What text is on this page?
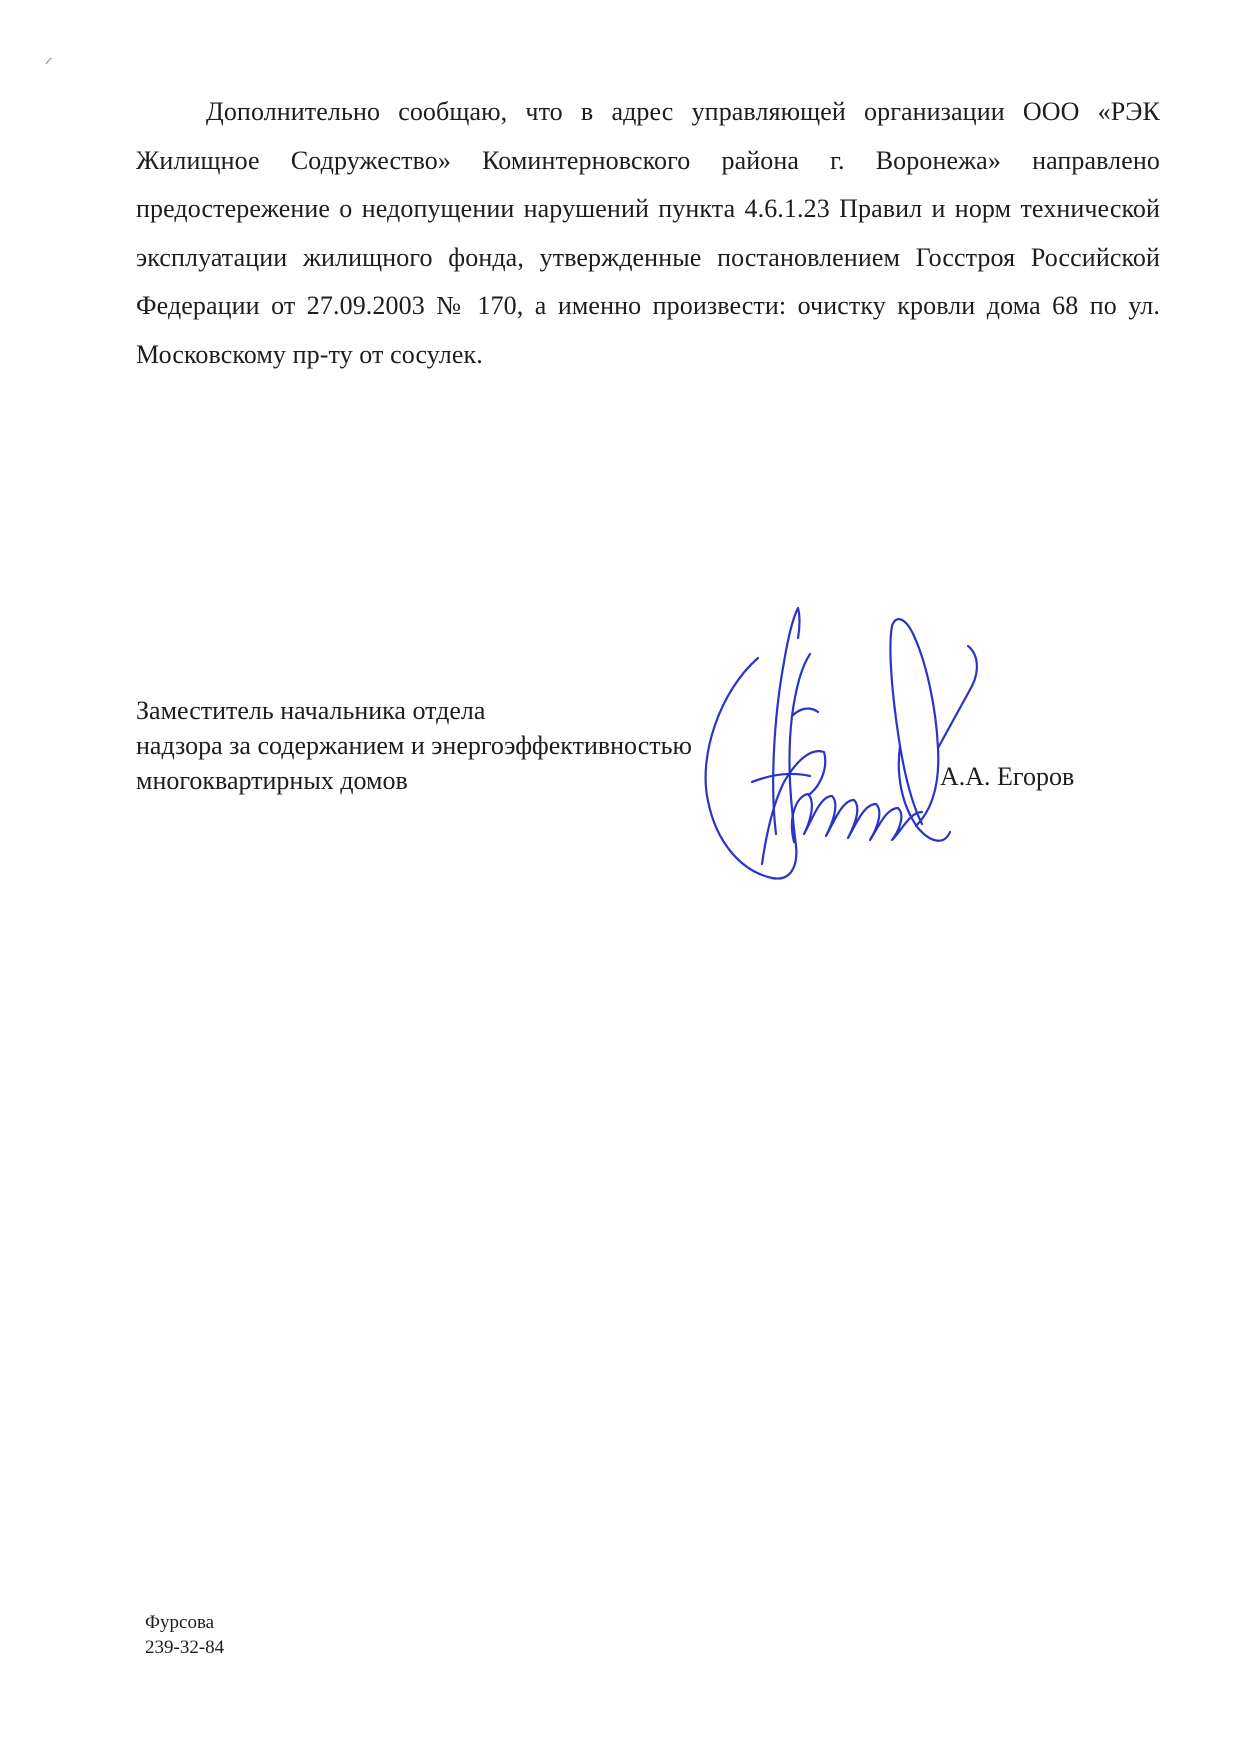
Дополнительно сообщаю, что в адрес управляющей организации ООО «РЭК Жилищное Содружество» Коминтерновского района г. Воронежа» направлено предостережение о недопущении нарушений пункта 4.6.1.23 Правил и норм технической эксплуатации жилищного фонда, утвержденные постановлением Госстроя Российской Федерации от 27.09.2003 № 170, а именно произвести: очистку кровли дома 68 по ул. Московскому пр-ту от сосулек.

Заместитель начальника отдела
надзора за содержанием и энергоэффективностью
многоквартирных домов	А.А. Егоров
Фурсова
239-32-84
